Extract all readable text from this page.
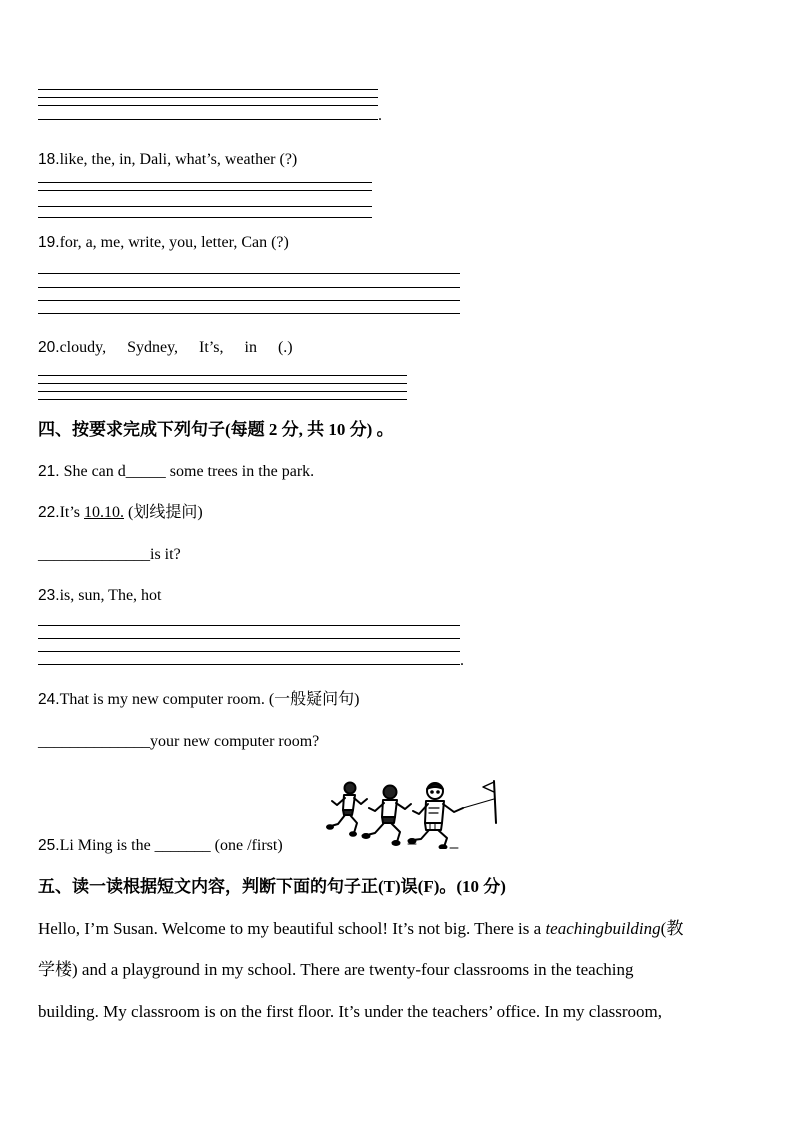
.
18.like, the, in, Dali, what’s, weather (?)
19.for, a, me, write, you, letter, Can (?)
20.cloudy, Sydney, It’s, in (.)
四、按要求完成下列句子(每题 2 分, 共 10 分) 。
21. She can d_____ some trees in the park.
22.It’s 10.10. (划线提问)
______________is it?
23.is, sun, The, hot
.
24.That is my new computer room. (一般疑问句)
______________your new computer room?
25.Li Ming is the _______ (one /first)
五、读一读根据短文内容，判断下面的句子正(T)误(F)。(10 分)
Hello, I’m Susan. Welcome to my beautiful school! It’s not big. There is a teachingbuilding(教
学楼) and a playground in my school. There are twenty-four classrooms in the teaching
building. My classroom is on the first floor. It’s under the teachers’ office. In my classroom,
